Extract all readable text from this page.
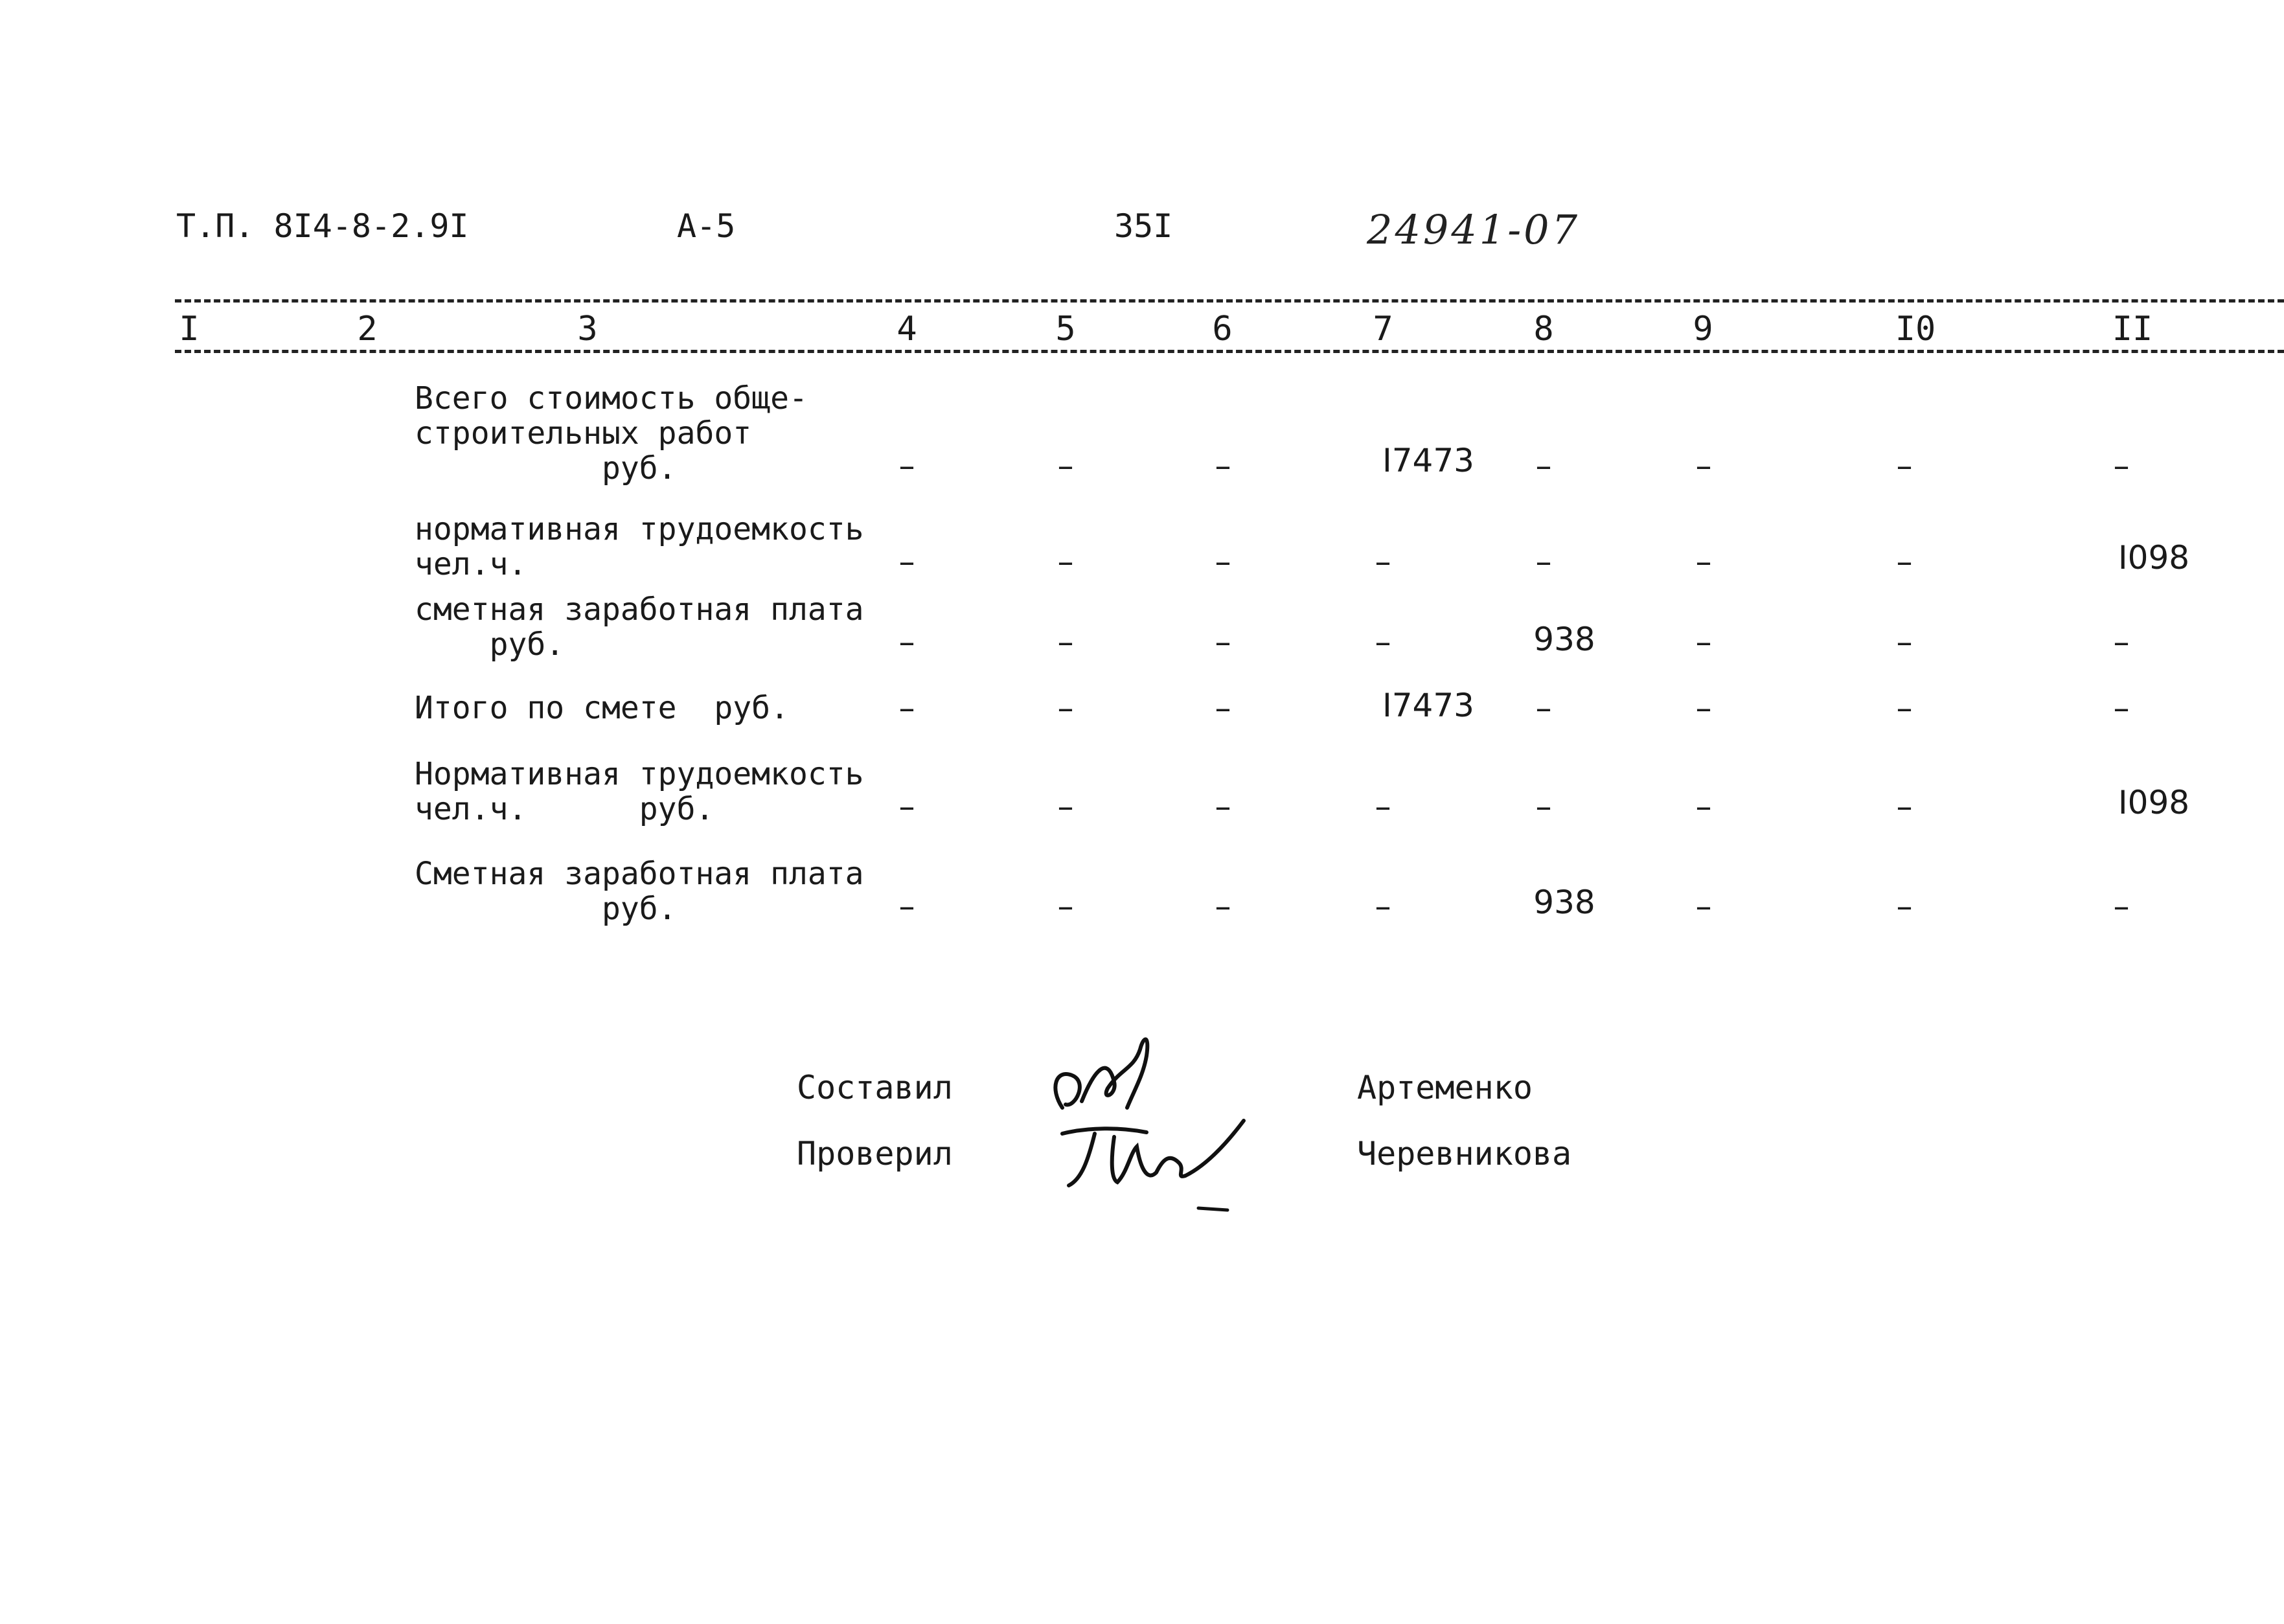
Т.П. 8I4-8-2.9I	А-5	35I	24941-07
I	2	3	4	5	6	7	8	9	I0	II
Всего стоимость обще-
строительных работ
руб.	–	–	–	I7473	–	–	–	–
нормативная трудоемкость
чел.ч.	–	–	–	–	–	–	–	I098
сметная заработная плата
руб.	–	–	–	–	938	–	–	–
Итого по смете  руб.	–	–	–	I7473	–	–	–	–
Нормативная трудоемкость
чел.ч.      руб.	–	–	–	–	–	–	–	I098
Сметная заработная плата
руб.	–	–	–	–	938	–	–	–
Составил	Артеменко
Проверил	Черевникова
